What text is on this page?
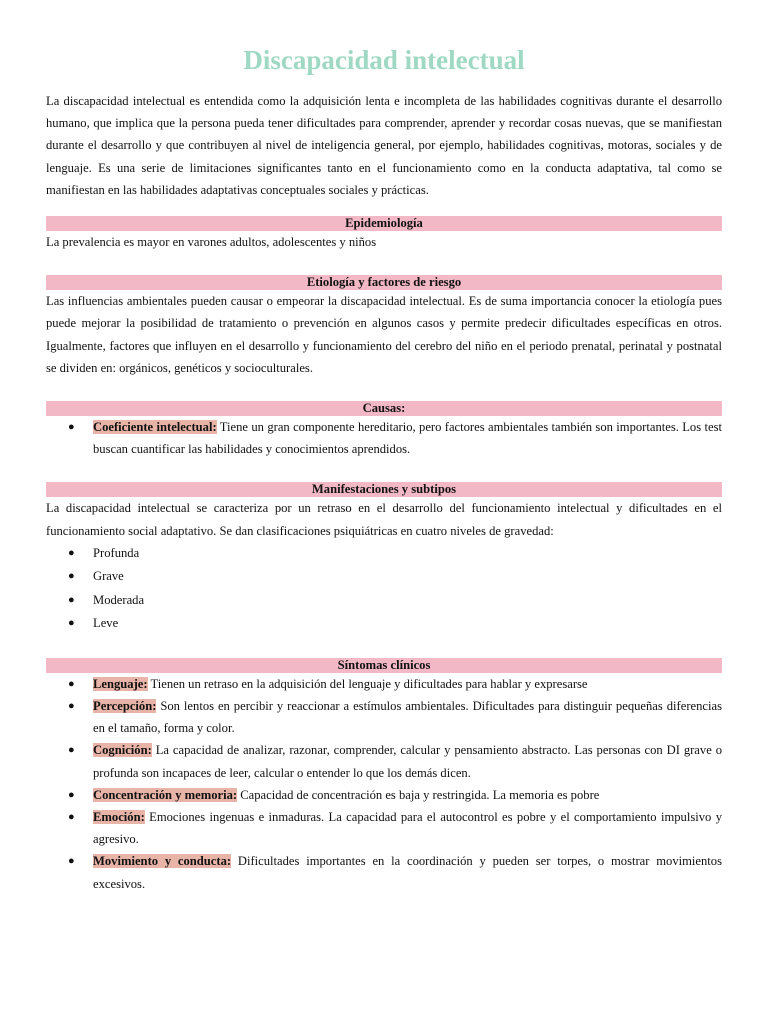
Discapacidad intelectual

La discapacidad intelectual es entendida como la adquisición lenta e incompleta de las habilidades cognitivas durante el desarrollo humano, que implica que la persona pueda tener dificultades para comprender, aprender y recordar cosas nuevas, que se manifiestan durante el desarrollo y que contribuyen al nivel de inteligencia general, por ejemplo, habilidades cognitivas, motoras, sociales y de lenguaje. Es una serie de limitaciones significantes tanto en el funcionamiento como en la conducta adaptativa, tal como se manifiestan en las habilidades adaptativas conceptuales sociales y prácticas.

Epidemiología

La prevalencia es mayor en varones adultos, adolescentes y niños

Etiología y factores de riesgo

Las influencias ambientales pueden causar o empeorar la discapacidad intelectual. Es de suma importancia conocer la etiología pues puede mejorar la posibilidad de tratamiento o prevención en algunos casos y permite predecir dificultades específicas en otros. Igualmente, factores que influyen en el desarrollo y funcionamiento del cerebro del niño en el periodo prenatal, perinatal y postnatal se dividen en: orgánicos, genéticos y socioculturales.

Causas:
● Coeficiente intelectual: Tiene un gran componente hereditario, pero factores ambientales también son importantes. Los test buscan cuantificar las habilidades y conocimientos aprendidos.
Manifestaciones y subtipos

La discapacidad intelectual se caracteriza por un retraso en el desarrollo del funcionamiento intelectual y dificultades en el funcionamiento social adaptativo. Se dan clasificaciones psiquiátricas en cuatro niveles de gravedad:

● Profunda
● Grave
● Moderada
● Leve
Síntomas clínicos
● Lenguaje: Tienen un retraso en la adquisición del lenguaje y dificultades para hablar y expresarse
● Percepción: Son lentos en percibir y reaccionar a estímulos ambientales. Dificultades para distinguir pequeñas diferencias en el tamaño, forma y color.
● Cognición: La capacidad de analizar, razonar, comprender, calcular y pensamiento abstracto. Las personas con DI grave o profunda son incapaces de leer, calcular o entender lo que los demás dicen.
● Concentración y memoria: Capacidad de concentración es baja y restringida. La memoria es pobre
● Emoción: Emociones ingenuas e inmaduras. La capacidad para el autocontrol es pobre y el comportamiento impulsivo y agresivo.
● Movimiento y conducta: Dificultades importantes en la coordinación y pueden ser torpes, o mostrar movimientos excesivos.
